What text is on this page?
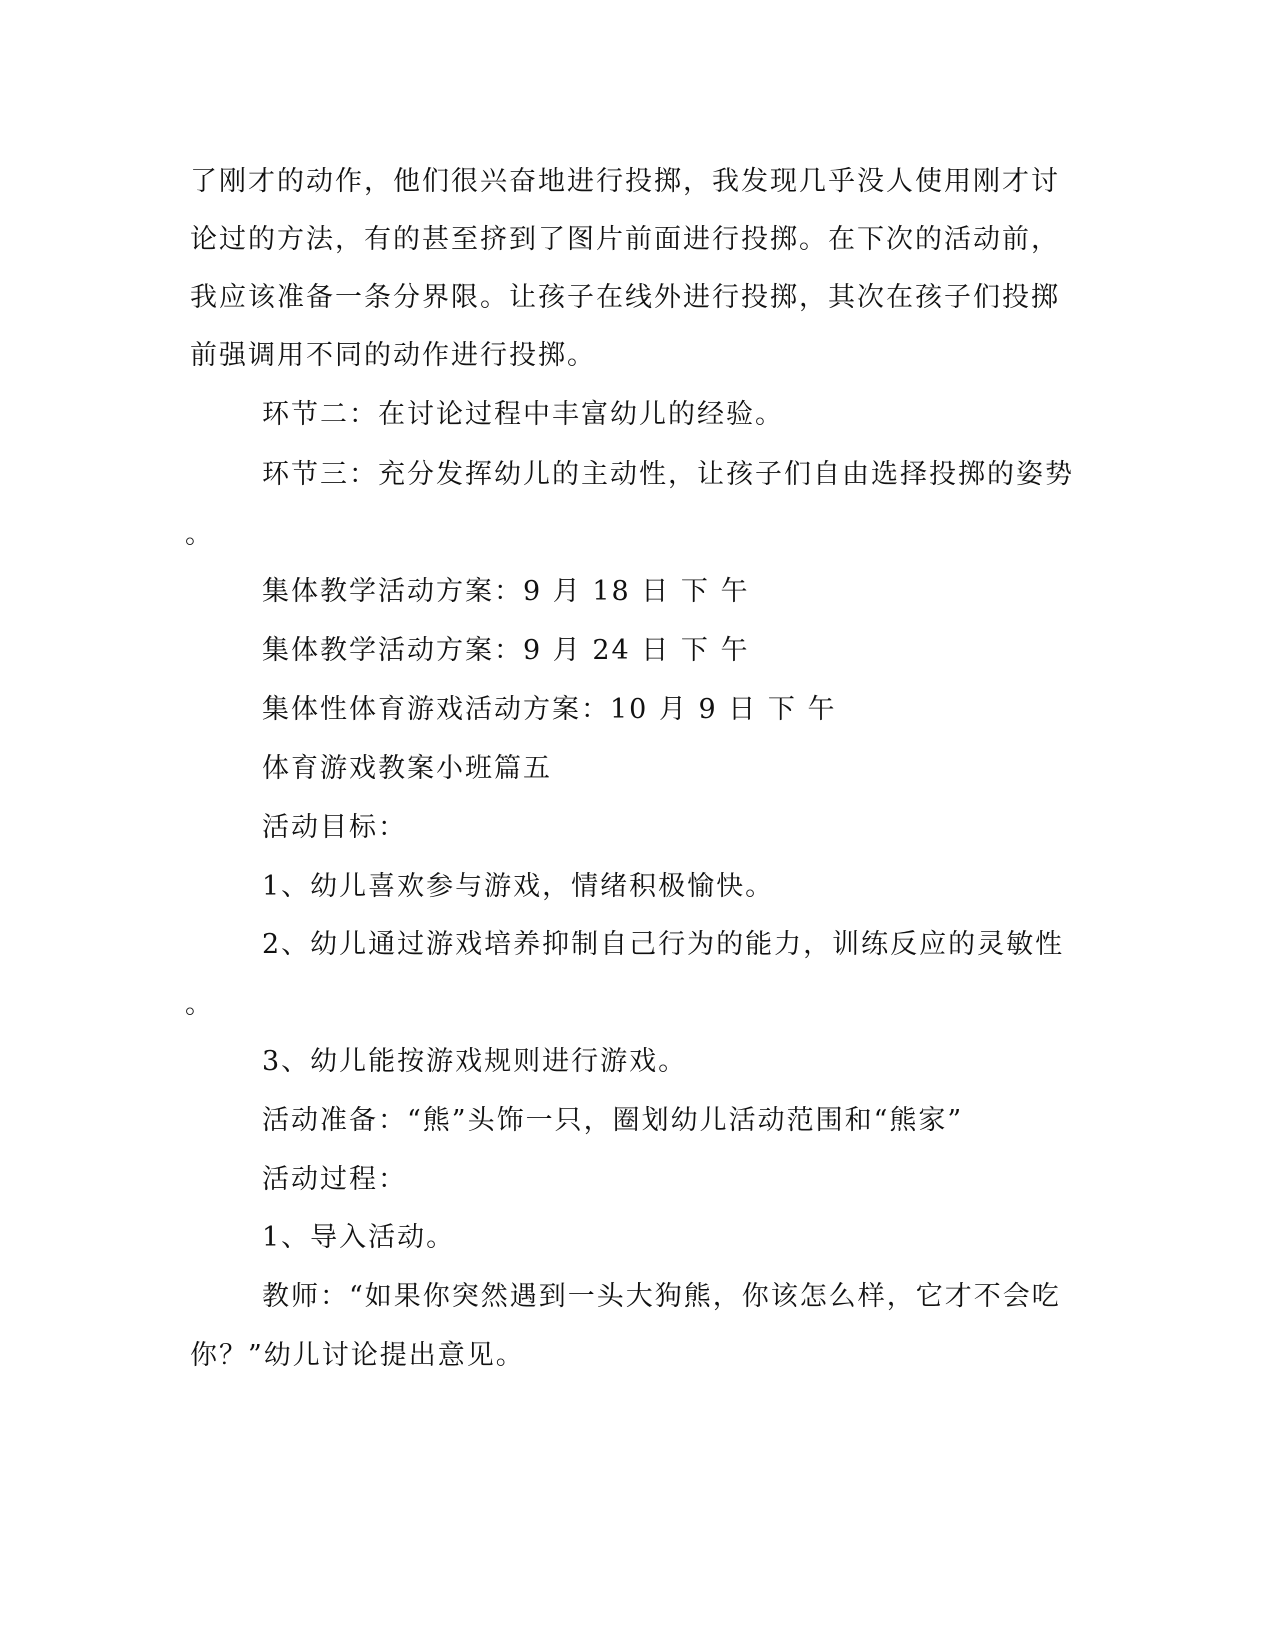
了刚才的动作，他们很兴奋地进行投掷，我发现几乎没人使用刚才讨
论过的方法，有的甚至挤到了图片前面进行投掷。在下次的活动前，
我应该准备一条分界限。让孩子在线外进行投掷，其次在孩子们投掷
前强调用不同的动作进行投掷。
环节二：在讨论过程中丰富幼儿的经验。
环节三：充分发挥幼儿的主动性，让孩子们自由选择投掷的姿势
。
集体教学活动方案：9 月 18 日 下 午
集体教学活动方案：9 月 24 日 下 午
集体性体育游戏活动方案：10 月 9 日 下 午
体育游戏教案小班篇五
活动目标：
1、幼儿喜欢参与游戏，情绪积极愉快。
2、幼儿通过游戏培养抑制自己行为的能力，训练反应的灵敏性
。
3、幼儿能按游戏规则进行游戏。
活动准备：“熊”头饰一只，圈划幼儿活动范围和“熊家”
活动过程：
1、导入活动。
教师：“如果你突然遇到一头大狗熊，你该怎么样，它才不会吃
你？”幼儿讨论提出意见。
